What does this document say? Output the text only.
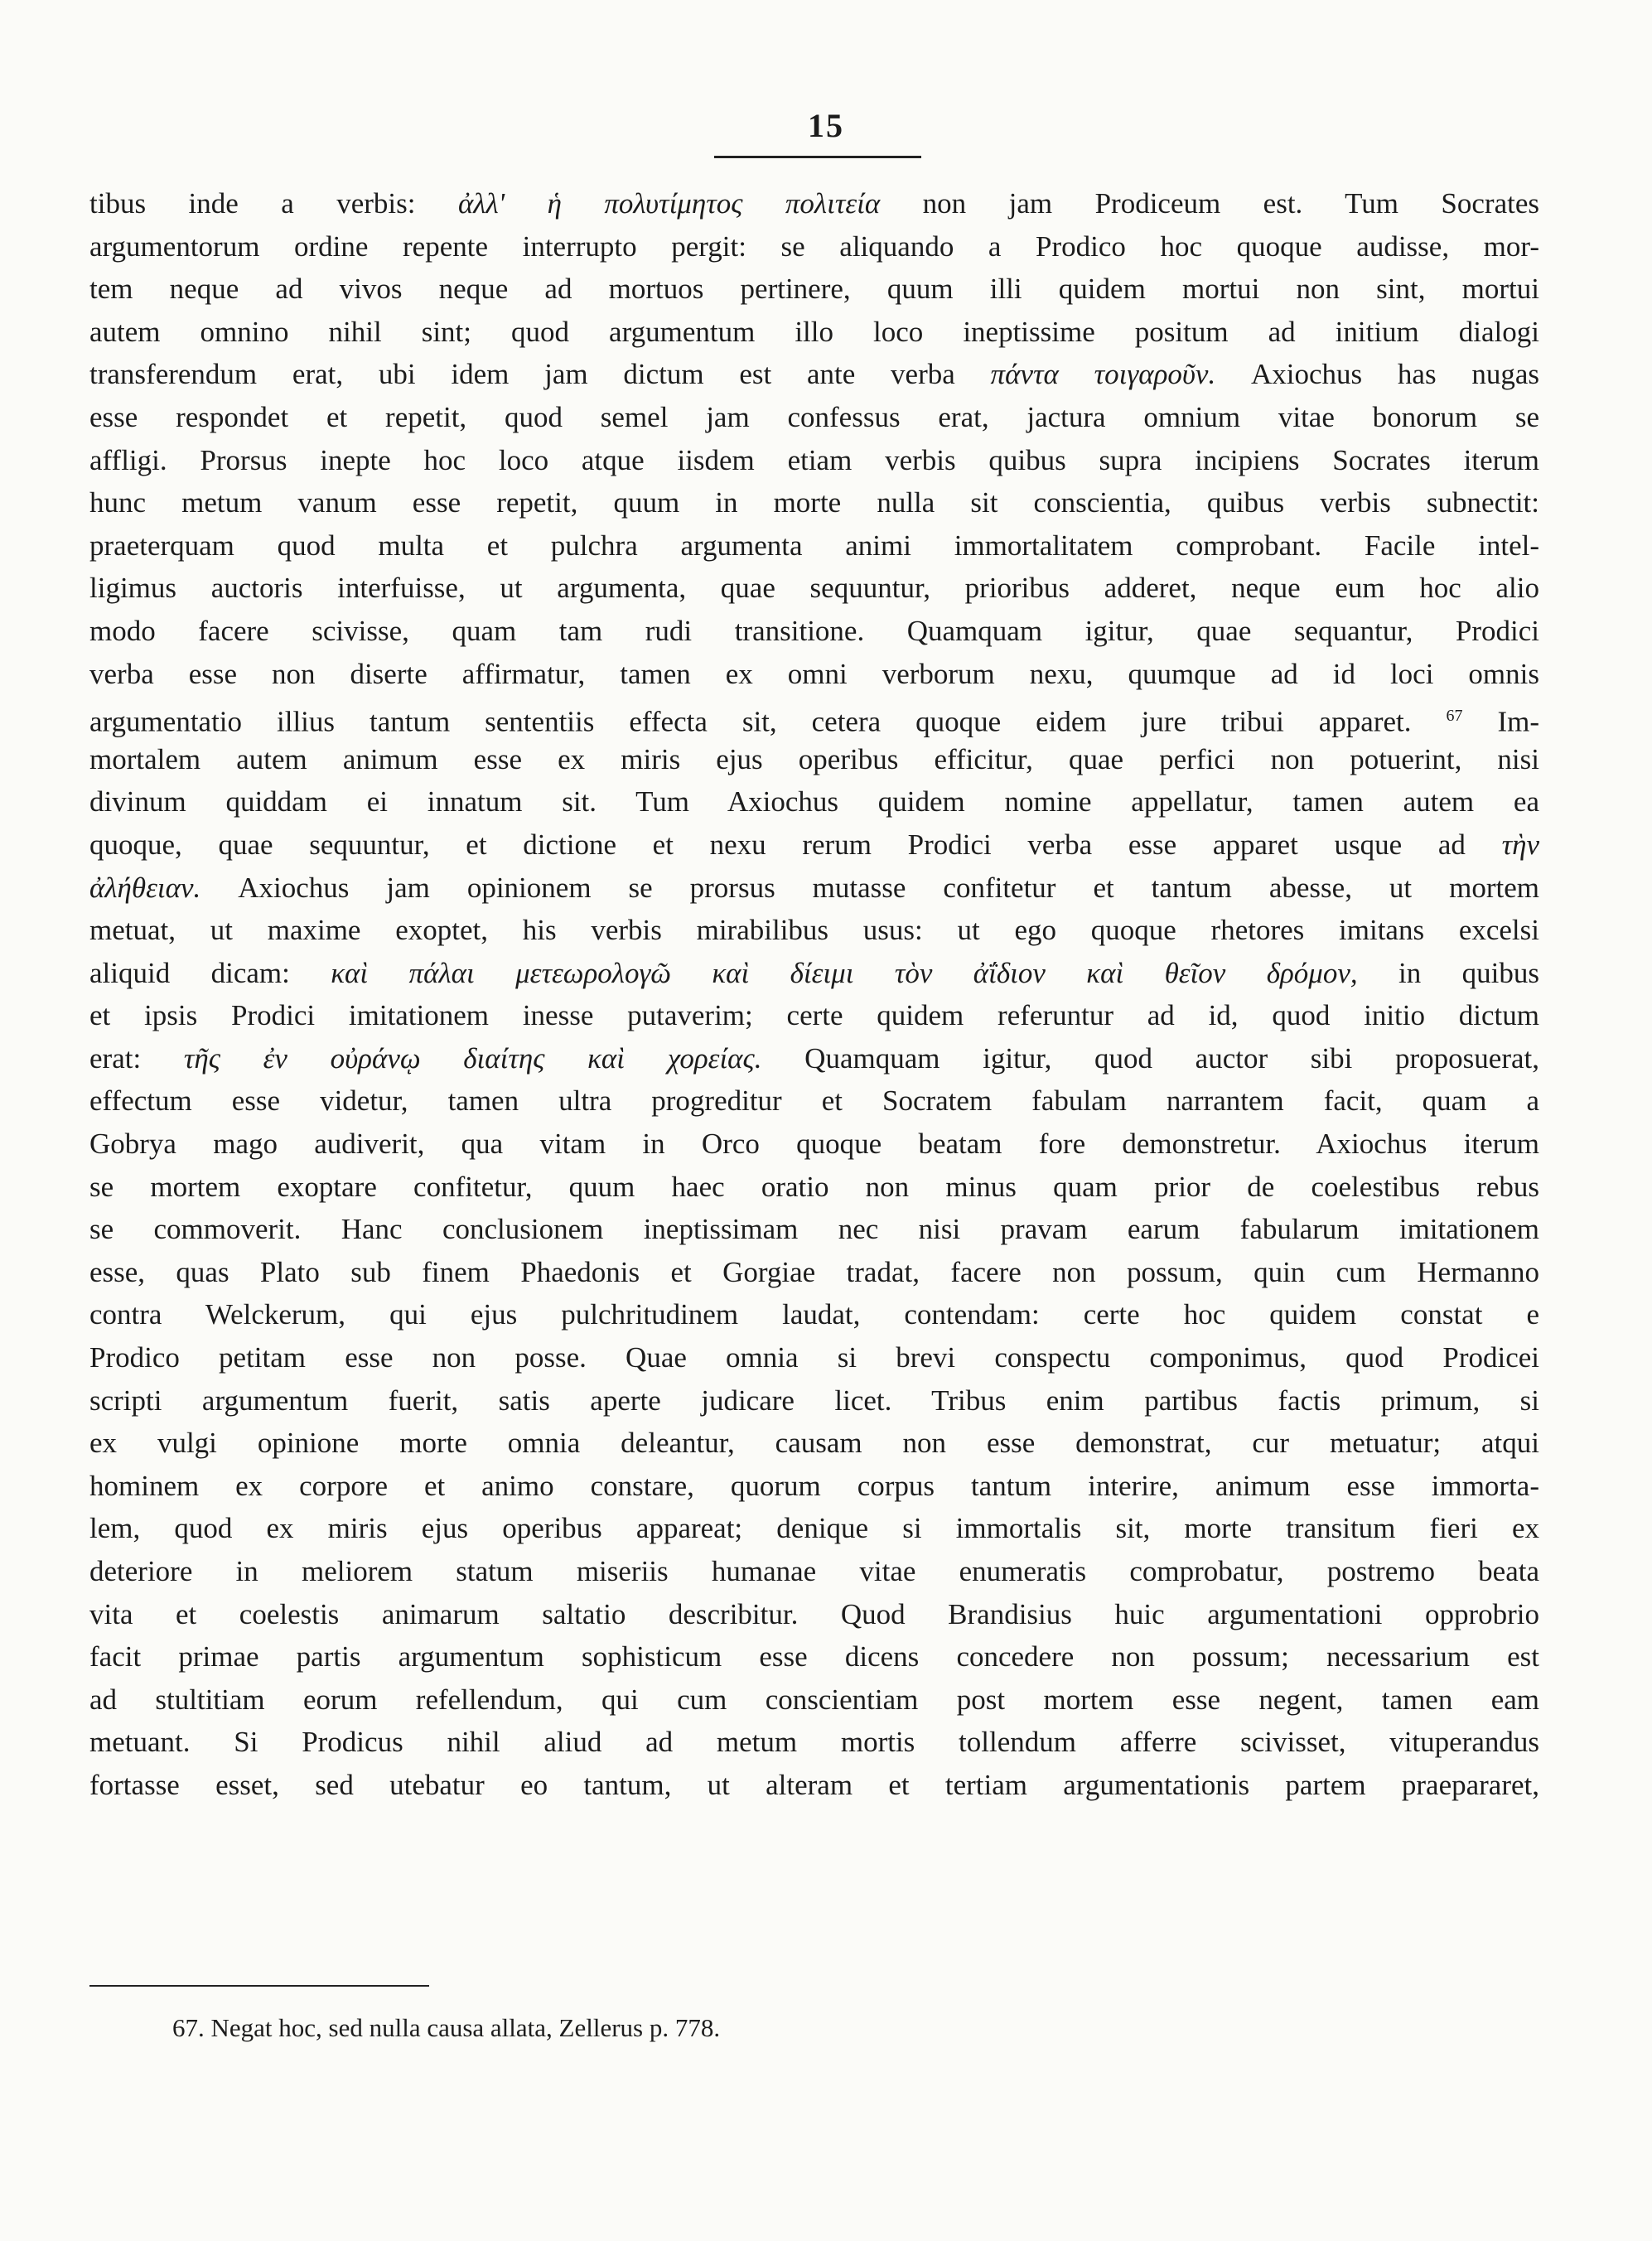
15
tibus inde a verbis: ἀλλ' ἡ πολυτίμητος πολιτεία non jam Prodiceum est. Tum Socrates
argumentorum ordine repente interrupto pergit: se aliquando a Prodico hoc quoque audisse, mor-
tem neque ad vivos neque ad mortuos pertinere, quum illi quidem mortui non sint, mortui
autem omnino nihil sint; quod argumentum illo loco ineptissime positum ad initium dialogi
transferendum erat, ubi idem jam dictum est ante verba πάντα τοιγαροῦν. Axiochus has nugas
esse respondet et repetit, quod semel jam confessus erat, jactura omnium vitae bonorum se
affligi. Prorsus inepte hoc loco atque iisdem etiam verbis quibus supra incipiens Socrates iterum
hunc metum vanum esse repetit, quum in morte nulla sit conscientia, quibus verbis subnectit:
praeterquam quod multa et pulchra argumenta animi immortalitatem comprobant. Facile intel-
ligimus auctoris interfuisse, ut argumenta, quae sequuntur, prioribus adderet, neque eum hoc alio
modo facere scivisse, quam tam rudi transitione. Quamquam igitur, quae sequantur, Prodici
verba esse non diserte affirmatur, tamen ex omni verborum nexu, quumque ad id loci omnis
argumentatio illius tantum sententiis effecta sit, cetera quoque eidem jure tribui apparet. $^{67}$ Im-
mortalem autem animum esse ex miris ejus operibus efficitur, quae perfici non potuerint, nisi
divinum quiddam ei innatum sit. Tum Axiochus quidem nomine appellatur, tamen autem ea
quoque, quae sequuntur, et dictione et nexu rerum Prodici verba esse apparet usque ad τὴν
ἀλήθειαν. Axiochus jam opinionem se prorsus mutasse confitetur et tantum abesse, ut mortem
metuat, ut maxime exoptet, his verbis mirabilibus usus: ut ego quoque rhetores imitans excelsi
aliquid dicam: καὶ πάλαι μετεωρολογῶ καὶ δίειμι τὸν ἀΐδιον καὶ θεῖον δρόμον, in quibus
et ipsis Prodici imitationem inesse putaverim; certe quidem referuntur ad id, quod initio dictum
erat: τῆς ἐν οὐράνῳ διαίτης καὶ χορείας. Quamquam igitur, quod auctor sibi proposuerat,
effectum esse videtur, tamen ultra progreditur et Socratem fabulam narrantem facit, quam a
Gobrya mago audiverit, qua vitam in Orco quoque beatam fore demonstretur. Axiochus iterum
se mortem exoptare confitetur, quum haec oratio non minus quam prior de coelestibus rebus
se commoverit. Hanc conclusionem ineptissimam nec nisi pravam earum fabularum imitationem
esse, quas Plato sub finem Phaedonis et Gorgiae tradat, facere non possum, quin cum Hermanno
contra Welckerum, qui ejus pulchritudinem laudat, contendam: certe hoc quidem constat e
Prodico petitam esse non posse. Quae omnia si brevi conspectu componimus, quod Prodicei
scripti argumentum fuerit, satis aperte judicare licet. Tribus enim partibus factis primum, si
ex vulgi opinione morte omnia deleantur, causam non esse demonstrat, cur metuatur; atqui
hominem ex corpore et animo constare, quorum corpus tantum interire, animum esse immorta-
lem, quod ex miris ejus operibus appareat; denique si immortalis sit, morte transitum fieri ex
deteriore in meliorem statum miseriis humanae vitae enumeratis comprobatur, postremo beata
vita et coelestis animarum saltatio describitur. Quod Brandisius huic argumentationi opprobrio
facit primae partis argumentum sophisticum esse dicens concedere non possum; necessarium est
ad stultitiam eorum refellendum, qui cum conscientiam post mortem esse negent, tamen eam
metuant. Si Prodicus nihil aliud ad metum mortis tollendum afferre scivisset, vituperandus
fortasse esset, sed utebatur eo tantum, ut alteram et tertiam argumentationis partem praepararet,
67. Negat hoc, sed nulla causa allata, Zellerus p. 778.
